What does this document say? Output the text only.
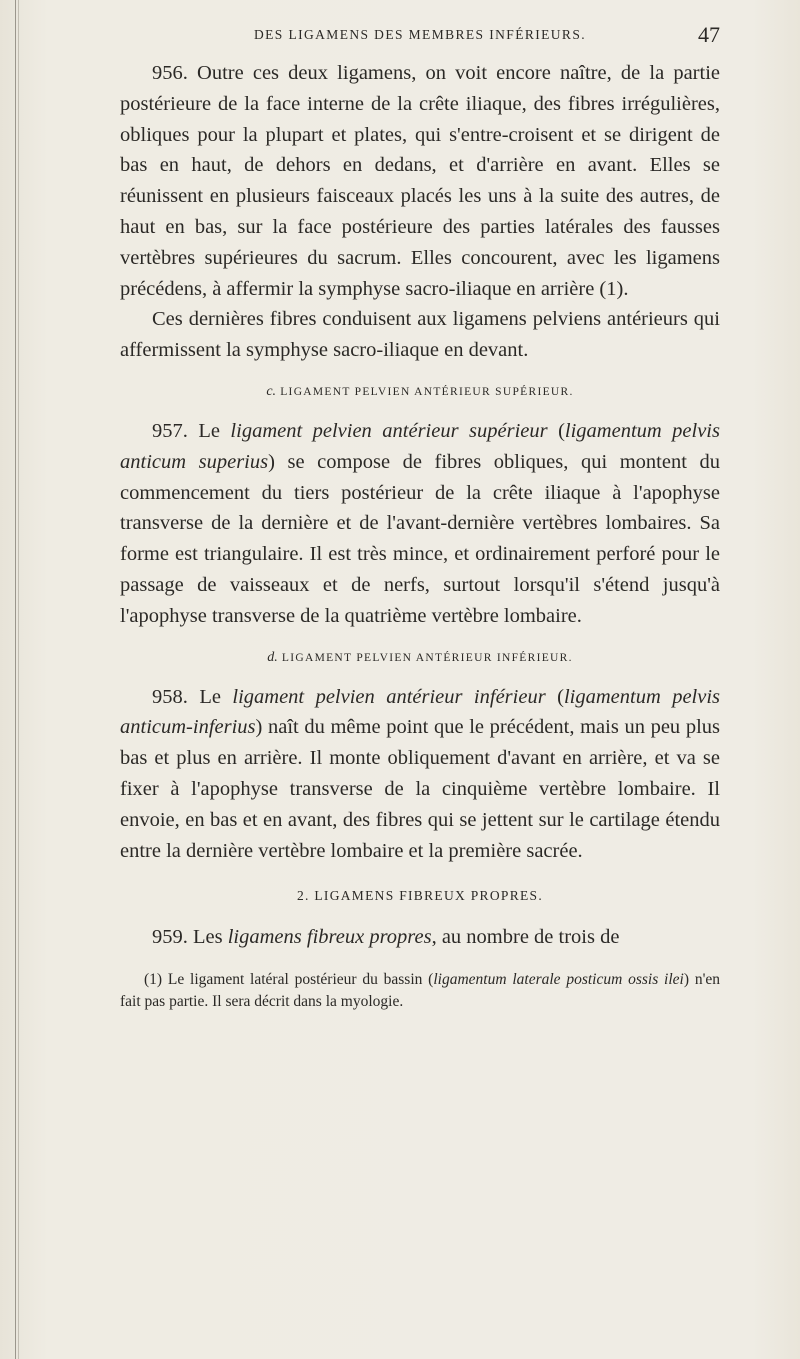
DES LIGAMENS DES MEMBRES INFÉRIEURS.	47

956. Outre ces deux ligamens, on voit encore naître, de la partie postérieure de la face interne de la crête iliaque, des fibres irrégulières, obliques pour la plupart et plates, qui s'entre-croisent et se dirigent de bas en haut, de dehors en dedans, et d'arrière en avant. Elles se réunissent en plusieurs faisceaux placés les uns à la suite des autres, de haut en bas, sur la face postérieure des parties latérales des fausses vertèbres supérieures du sacrum. Elles concourent, avec les ligamens précédens, à affermir la symphyse sacro-iliaque en arrière (1).

Ces dernières fibres conduisent aux ligamens pelviens antérieurs qui affermissent la symphyse sacro-iliaque en devant.

c. LIGAMENT PELVIEN ANTÉRIEUR SUPÉRIEUR.

957. Le ligament pelvien antérieur supérieur (ligamentum pelvis anticum superius) se compose de fibres obliques, qui montent du commencement du tiers postérieur de la crête iliaque à l'apophyse transverse de la dernière et de l'avant-dernière vertèbres lombaires. Sa forme est triangulaire. Il est très mince, et ordinairement perforé pour le passage de vaisseaux et de nerfs, surtout lorsqu'il s'étend jusqu'à l'apophyse transverse de la quatrième vertèbre lombaire.

d. LIGAMENT PELVIEN ANTÉRIEUR INFÉRIEUR.

958. Le ligament pelvien antérieur inférieur (ligamentum pelvis anticum-inferius) naît du même point que le précédent, mais un peu plus bas et plus en arrière. Il monte obliquement d'avant en arrière, et va se fixer à l'apophyse transverse de la cinquième vertèbre lombaire. Il envoie, en bas et en avant, des fibres qui se jettent sur le cartilage étendu entre la dernière vertèbre lombaire et la première sacrée.

2. LIGAMENS FIBREUX PROPRES.

959. Les ligamens fibreux propres, au nombre de trois de

(1) Le ligament latéral postérieur du bassin (ligamentum laterale posticum ossis ilei) n'en fait pas partie. Il sera décrit dans la myologie.
